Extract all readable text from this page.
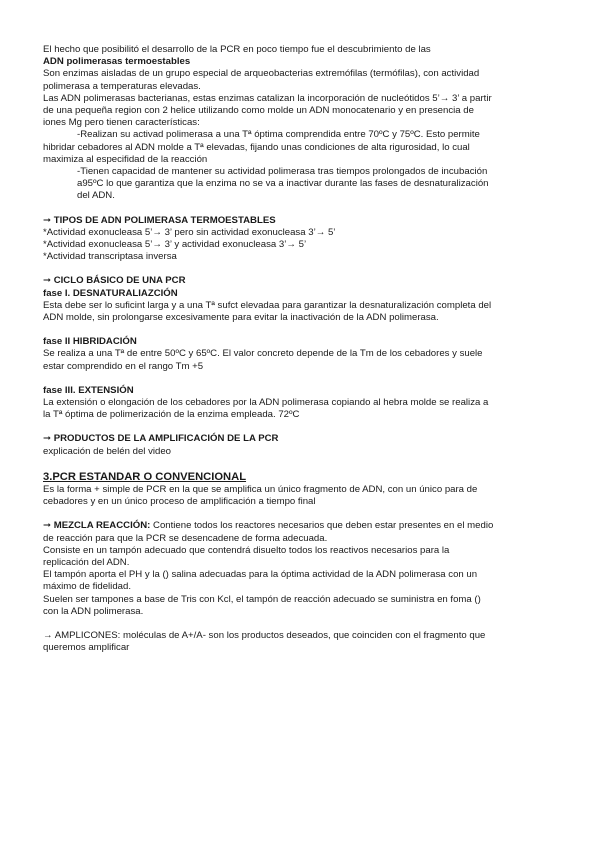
El hecho que posibilitó el desarrollo de la PCR en poco tiempo fue el descubrimiento de las

ADN polimerasas termoestables

Son enzimas aisladas de un grupo especial de arqueobacterias extremófilas (termófilas), con actividad

polimerasa a temperaturas elevadas.

Las ADN polimerasas bacterianas, estas enzimas catalizan la incorporación de nucleótidos 5’→ 3’ a partir

de una pequeña region con 2 helice utilizando como molde un ADN monocatenario y en presencia de

iones Mg pero tienen características:

-Realizan su activad polimerasa a una Tª óptima comprendida entre 70ºC y 75ºC. Esto permite

hibridar cebadores al ADN molde a Tª elevadas, fijando unas condiciones de alta rigurosidad, lo cual

maximiza al especifidad de la reacción

-Tienen capacidad de mantener su actividad polimerasa tras tiempos prolongados de incubación

a95ºC lo que garantiza que la enzima no se va a inactivar durante las fases de desnaturalización

del ADN.

➞ TIPOS DE ADN POLIMERASA TERMOESTABLES

*Actividad exonucleasa 5’→ 3’ pero sin actividad exonucleasa 3’→ 5’

*Actividad exonucleasa 5’→ 3’ y actividad exonucleasa 3’→ 5’

*Actividad transcriptasa inversa

➞ CICLO BÁSICO DE UNA PCR

fase I. DESNATURALIAZCIÓN

Esta debe ser lo suficint larga y a una Tª sufct elevadaa para garantizar la desnaturalización completa del

ADN molde, sin prolongarse excesivamente para evitar la inactivación de la ADN polimerasa.

fase II HIBRIDACIÓN

Se realiza a una Tª de entre 50ºC y 65ºC. El valor concreto depende de la Tm de los cebadores y suele

estar comprendido en el rango Tm +5

fase III. EXTENSIÓN

La extensión o elongación de los cebadores por la ADN polimerasa copiando al hebra molde se realiza a

la Tª óptima de polimerización de la enzima empleada. 72ºC

➞ PRODUCTOS DE LA AMPLIFICACIÓN DE LA PCR

explicación de belén del video

3.PCR ESTANDAR O CONVENCIONAL

Es la forma + simple de PCR en la que se amplifica un único fragmento de ADN, con un único para de

cebadores y en un único proceso de amplificación a tiempo final

➞ MEZCLA REACCIÓN: Contiene todos los reactores necesarios que deben estar presentes en el medio

de reacción para que la PCR se desencadene de forma adecuada.

Consiste en un tampón adecuado que contendrá disuelto todos los reactivos necesarios para la

replicación del ADN.

El tampón aporta el PH y la () salina adecuadas para la óptima actividad de la ADN polimerasa con un

máximo de fidelidad.

Suelen ser tampones a base de Tris con Kcl, el tampón de reacción adecuado se suministra en foma ()

con la ADN polimerasa.

→ AMPLICONES: moléculas de A+/A- son los productos deseados, que coinciden con el fragmento que

queremos amplificar
